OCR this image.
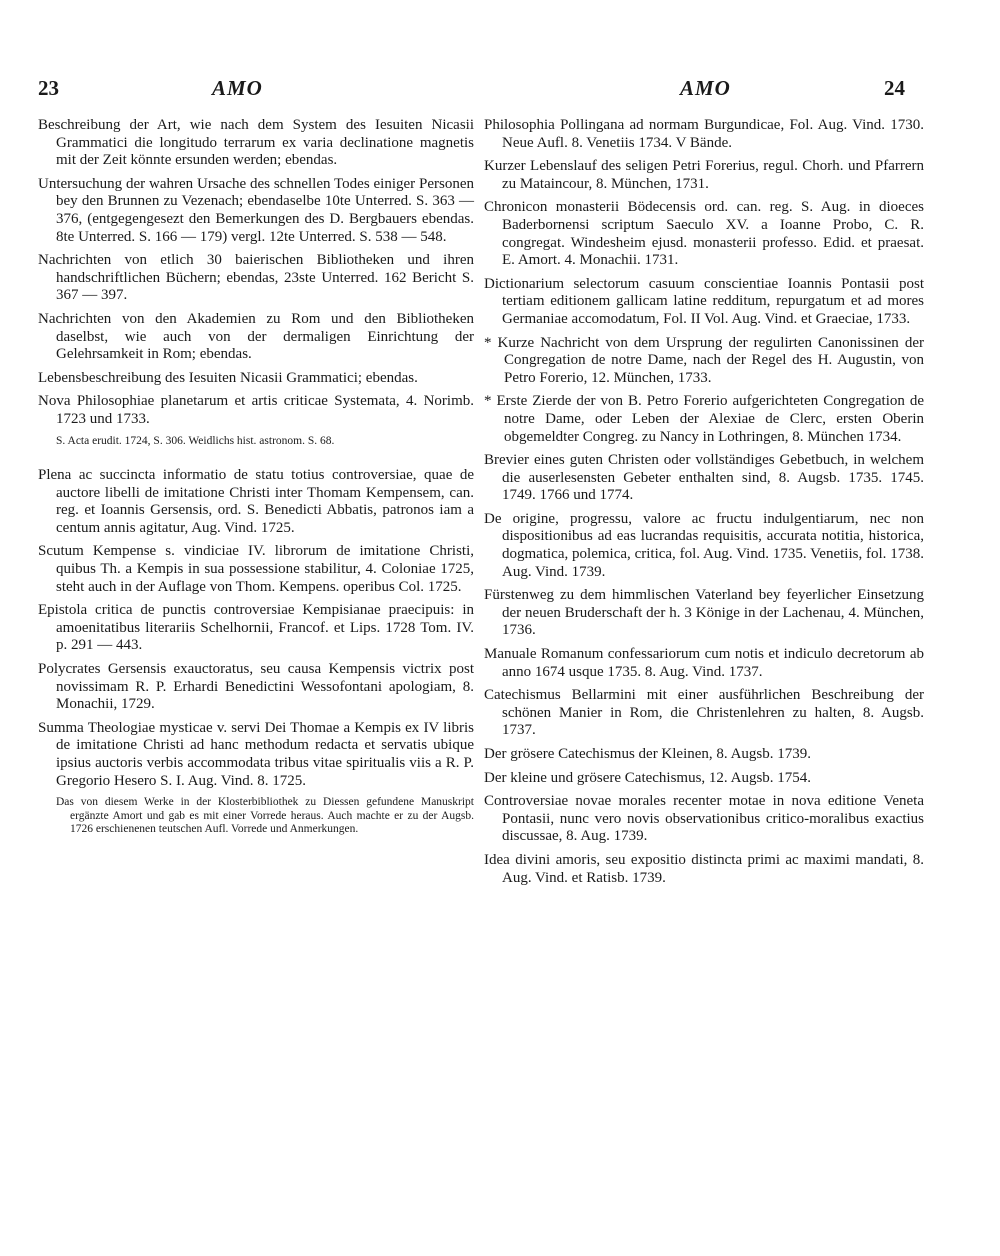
23	AMO	AMO	24

Beschreibung der Art, wie nach dem System des Iesuiten Nicasii Grammatici die longitudo terrarum ex varia declinatione magnetis mit der Zeit könnte ersunden werden; ebendas.

Untersuchung der wahren Ursache des schnellen Todes einiger Personen bey den Brunnen zu Vezenach; ebendaselbe 10te Unterred. S. 363 — 376, (entgegengesezt den Bemerkungen des D. Bergbauers ebendas. 8te Unterred. S. 166 — 179) vergl. 12te Unterred. S. 538 — 548.

Nachrichten von etlich 30 baierischen Bibliotheken und ihren handschriftlichen Büchern; ebendas, 23ste Unterred. 162 Bericht S. 367 — 397.

Nachrichten von den Akademien zu Rom und den Bibliotheken daselbst, wie auch von der dermaligen Einrichtung der Gelehrsamkeit in Rom; ebendas.

Lebensbeschreibung des Iesuiten Nicasii Grammatici; ebendas.

Nova Philosophiae planetarum et artis criticae Systemata, 4. Norimb. 1723 und 1733.

S. Acta erudit. 1724, S. 306. Weidlichs hist. astronom. S. 68.

Plena ac succincta informatio de statu totius controversiae, quae de auctore libelli de imitatione Christi inter Thomam Kempensem, can. reg. et Ioannis Gersensis, ord. S. Benedicti Abbatis, patronos iam a centum annis agitatur, Aug. Vind. 1725.

Scutum Kempense s. vindiciae IV. librorum de imitatione Christi, quibus Th. a Kempis in sua possessione stabilitur, 4. Coloniae 1725, steht auch in der Auflage von Thom. Kempens. operibus Col. 1725.

Epistola critica de punctis controversiae Kempisianae praecipuis: in amoenitatibus literariis Schelhornii, Francof. et Lips. 1728 Tom. IV. p. 291 — 443.

Polycrates Gersensis exauctoratus, seu causa Kempensis victrix post novissimam R. P. Erhardi Benedictini Wessofontani apologiam, 8. Monachii, 1729.

Summa Theologiae mysticae v. servi Dei Thomae a Kempis ex IV libris de imitatione Christi ad hanc methodum redacta et servatis ubique ipsius auctoris verbis accommodata tribus vitae spiritualis viis a R. P. Gregorio Hesero S. I. Aug. Vind. 8. 1725.

Das von diesem Werke in der Klosterbibliothek zu Diessen gefundene Manuskript ergänzte Amort und gab es mit einer Vorrede heraus. Auch machte er zu der Augsb. 1726 erschienenen teutschen Aufl. Vorrede und Anmerkungen.

Philosophia Pollingana ad normam Burgundicae, Fol. Aug. Vind. 1730. Neue Aufl. 8. Venetiis 1734. V Bände.

Kurzer Lebenslauf des seligen Petri Forerius, regul. Chorh. und Pfarrern zu Mataincour, 8. München, 1731.

Chronicon monasterii Bödecensis ord. can. reg. S. Aug. in dioeces Baderbornensi scriptum Saeculo XV. a Ioanne Probo, C. R. congregat. Windesheim ejusd. monasterii professo. Edid. et praesat. E. Amort. 4. Monachii. 1731.

Dictionarium selectorum casuum conscientiae Ioannis Pontasii post tertiam editionem gallicam latine redditum, repurgatum et ad mores Germaniae accomodatum, Fol. II Vol. Aug. Vind. et Graeciae, 1733.

* Kurze Nachricht von dem Ursprung der regulirten Canonissinen der Congregation de notre Dame, nach der Regel des H. Augustin, von Petro Forerio, 12. München, 1733.

* Erste Zierde der von B. Petro Forerio aufgerichteten Congregation de notre Dame, oder Leben der Alexiae de Clerc, ersten Oberin obgemeldter Congreg. zu Nancy in Lothringen, 8. München 1734.

Brevier eines guten Christen oder vollständiges Gebetbuch, in welchem die auserlesensten Gebeter enthalten sind, 8. Augsb. 1735. 1745. 1749. 1766 und 1774.

De origine, progressu, valore ac fructu indulgentiarum, nec non dispositionibus ad eas lucrandas requisitis, accurata notitia, historica, dogmatica, polemica, critica, fol. Aug. Vind. 1735. Venetiis, fol. 1738. Aug. Vind. 1739.

Fürstenweg zu dem himmlischen Vaterland bey feyerlicher Einsetzung der neuen Bruderschaft der h. 3 Könige in der Lachenau, 4. München, 1736.

Manuale Romanum confessariorum cum notis et indiculo decretorum ab anno 1674 usque 1735. 8. Aug. Vind. 1737.

Catechismus Bellarmini mit einer ausführlichen Beschreibung der schönen Manier in Rom, die Christenlehren zu halten, 8. Augsb. 1737.

Der grösere Catechismus der Kleinen, 8. Augsb. 1739.

Der kleine und grösere Catechismus, 12. Augsb. 1754.

Controversiae novae morales recenter motae in nova editione Veneta Pontasii, nunc vero novis observationibus critico-moralibus exactius discussae, 8. Aug. 1739.

Idea divini amoris, seu expositio distincta primi ac maximi mandati, 8. Aug. Vind. et Ratisb. 1739.
